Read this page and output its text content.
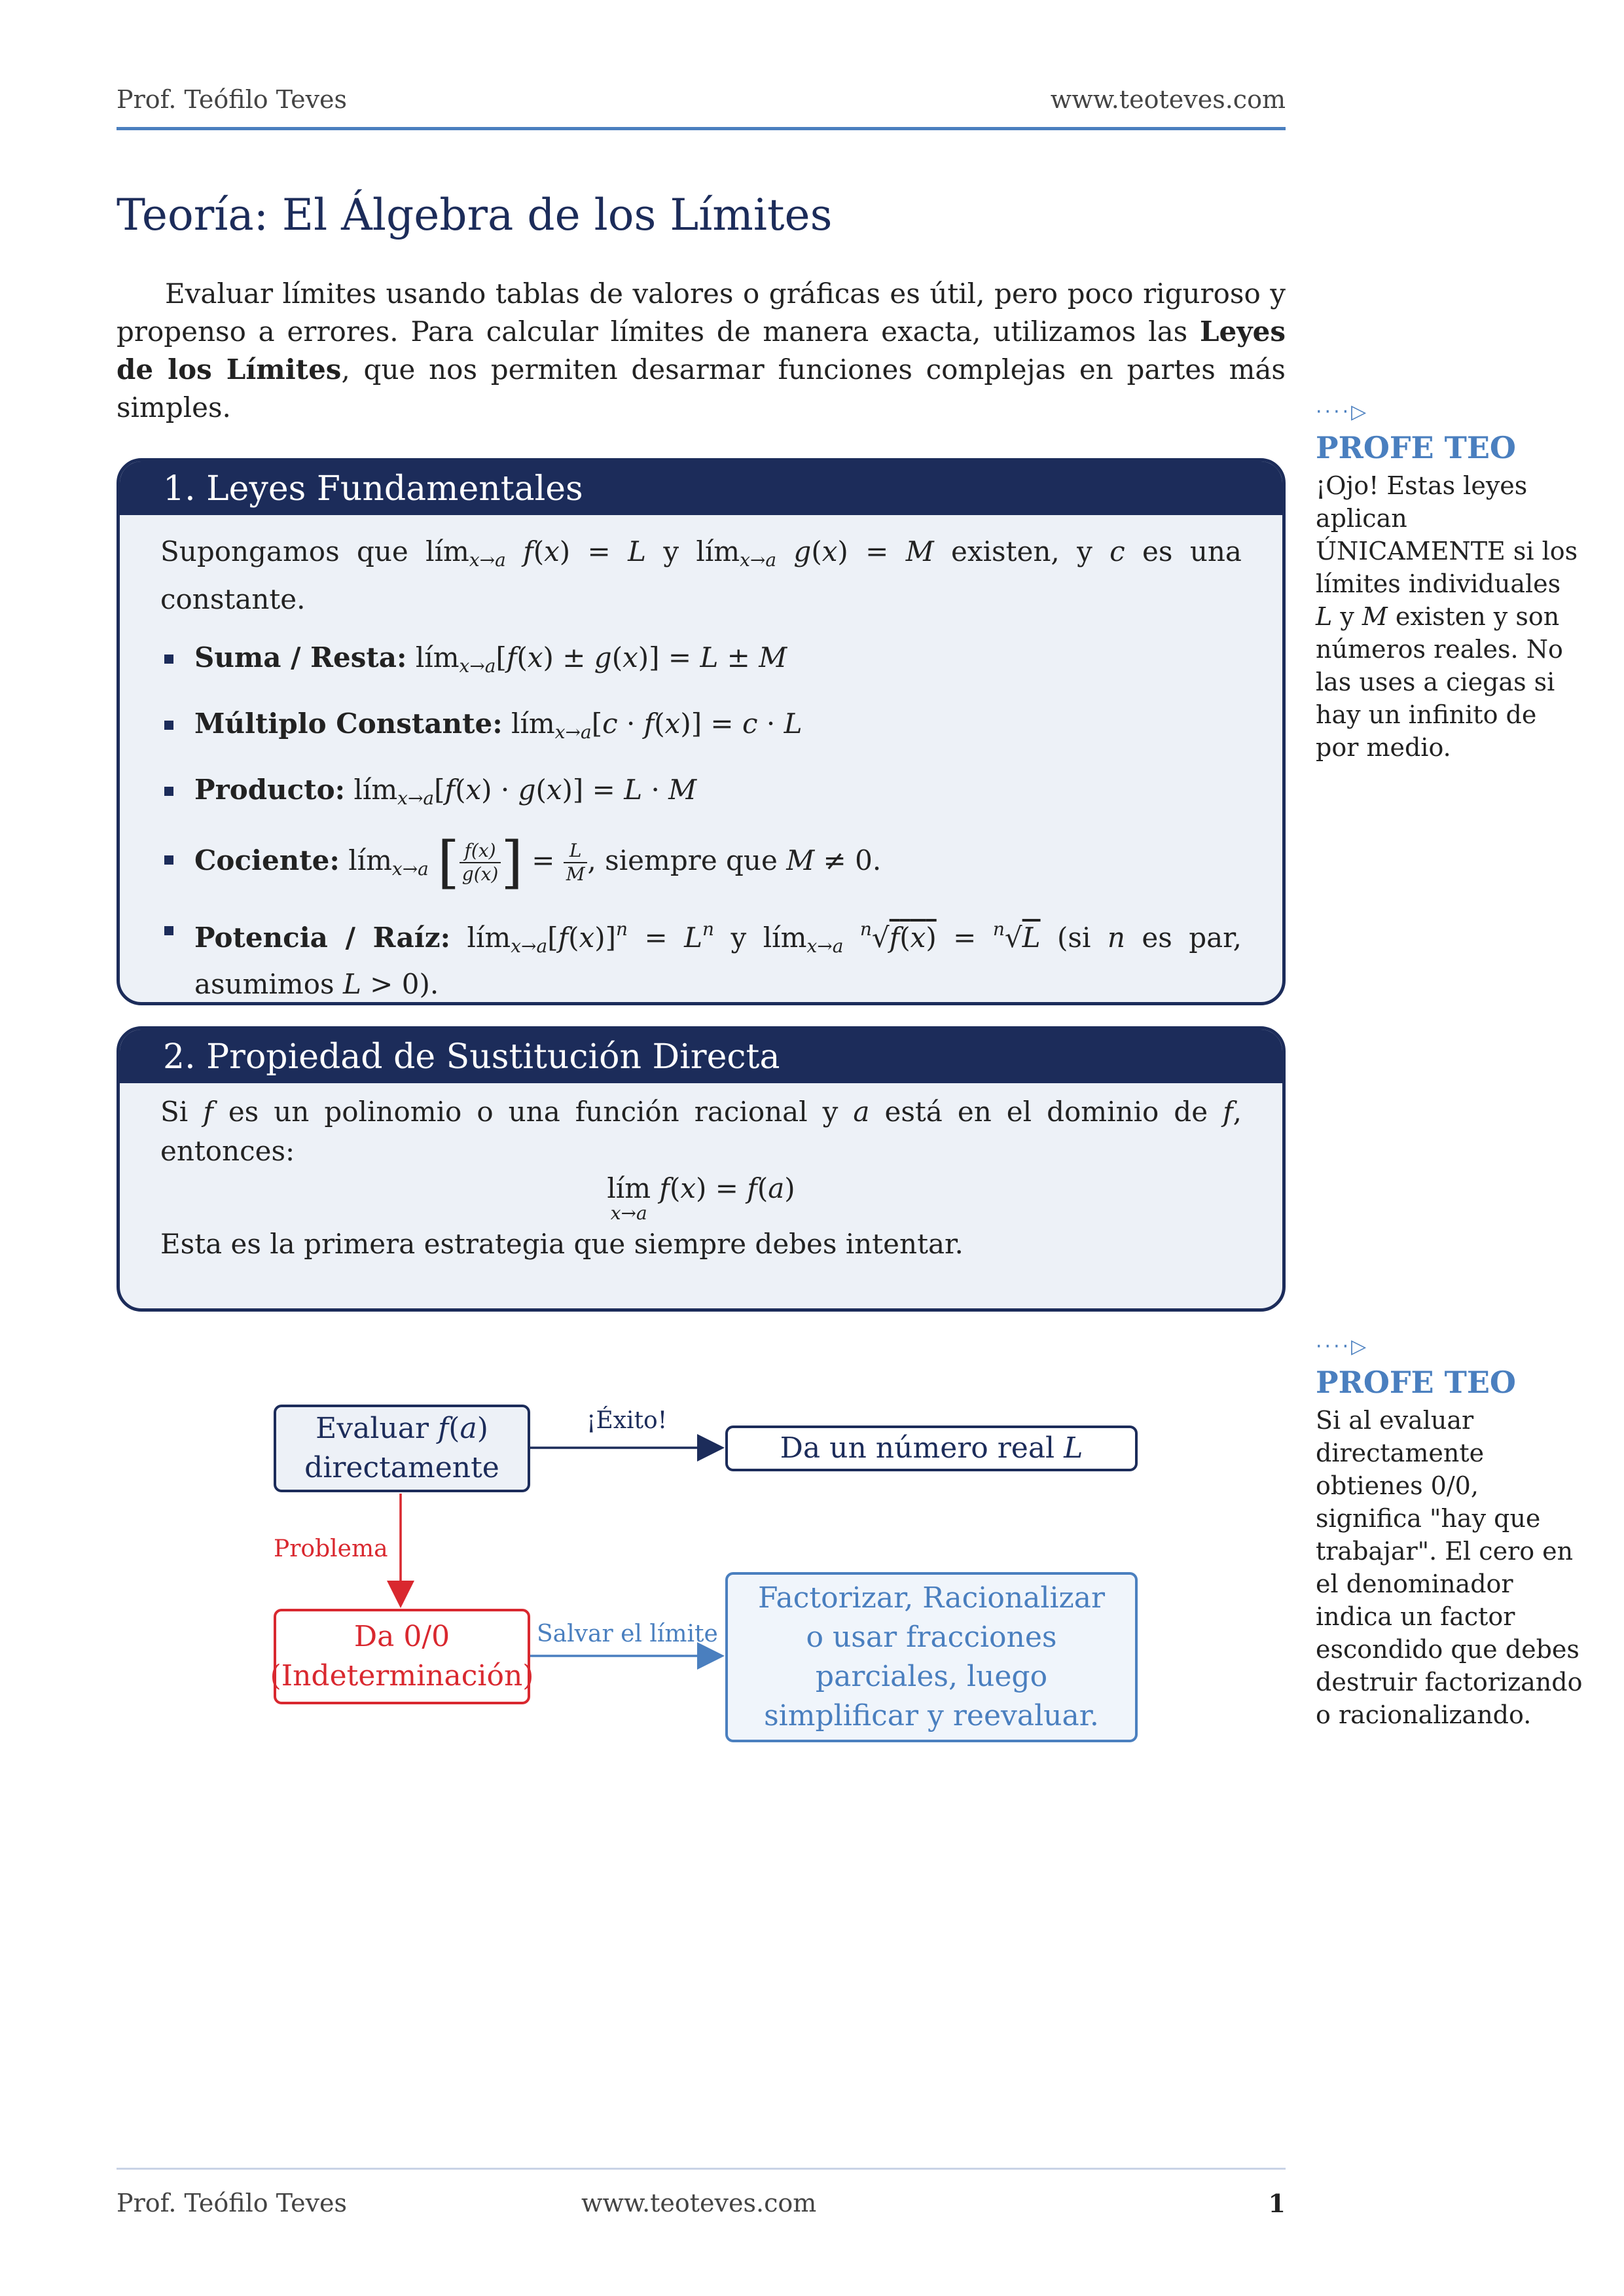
Prof. Teófilo Teves	www.teoteves.com
Teoría: El Álgebra de los Límites
Evaluar límites usando tablas de valores o gráficas es útil, pero poco riguroso y propenso a errores. Para calcular límites de manera exacta, utilizamos las Leyes de los Límites, que nos permiten desarmar funciones complejas en partes más simples.
1. Leyes Fundamentales
Supongamos que lím$_{x\to a}$ f(x) = L y lím$_{x\to a}$ g(x) = M existen, y c es una constante.
Suma / Resta: lím$_{x\to a}$[f(x) ± g(x)] = L ± M
Múltiplo Constante: lím$_{x\to a}$[c · f(x)] = c · L
Producto: lím$_{x\to a}$[f(x) · g(x)] = L · M
Cociente: lím$_{x\to a}$ [ $\frac{f(x)}{g(x)}$ ] = $\frac{L}{M}$ , siempre que M ≠ 0.
Potencia / Raíz: $lím_{x\to a}[f(x)]^n = L^n$ y lím$_{x\to a}$ $^n$√f(x) = $^n$√L (si n es par, asumimos L > 0).
2. Propiedad de Sustitución Directa
Si f es un polinomio o una función racional y a está en el dominio de f, entonces:
lím

x→a
f(x) = f(a)
Esta es la primera estrategia que siempre debes intentar.
····▷
PROFE TEO
¡Ojo! Estas leyes aplican ÚNICAMENTE si los límites individuales L y M existen y son números reales. No las uses a ciegas si hay un infinito de por medio.
····▷
PROFE TEO
Si al evaluar directamente obtienes 0/0, significa "hay que trabajar". El cero en el denominador indica un factor escondido que debes destruir factorizando o racionalizando.
Evaluar f(a)
directamente
Da un número real L
Da 0/0 (Indeterminación)
Factorizar, Racionalizar o usar fracciones parciales, luego simplificar y reevaluar.
¡Éxito!
Problema
Salvar el límite
Prof. Teófilo Teves	www.teoteves.com	1
